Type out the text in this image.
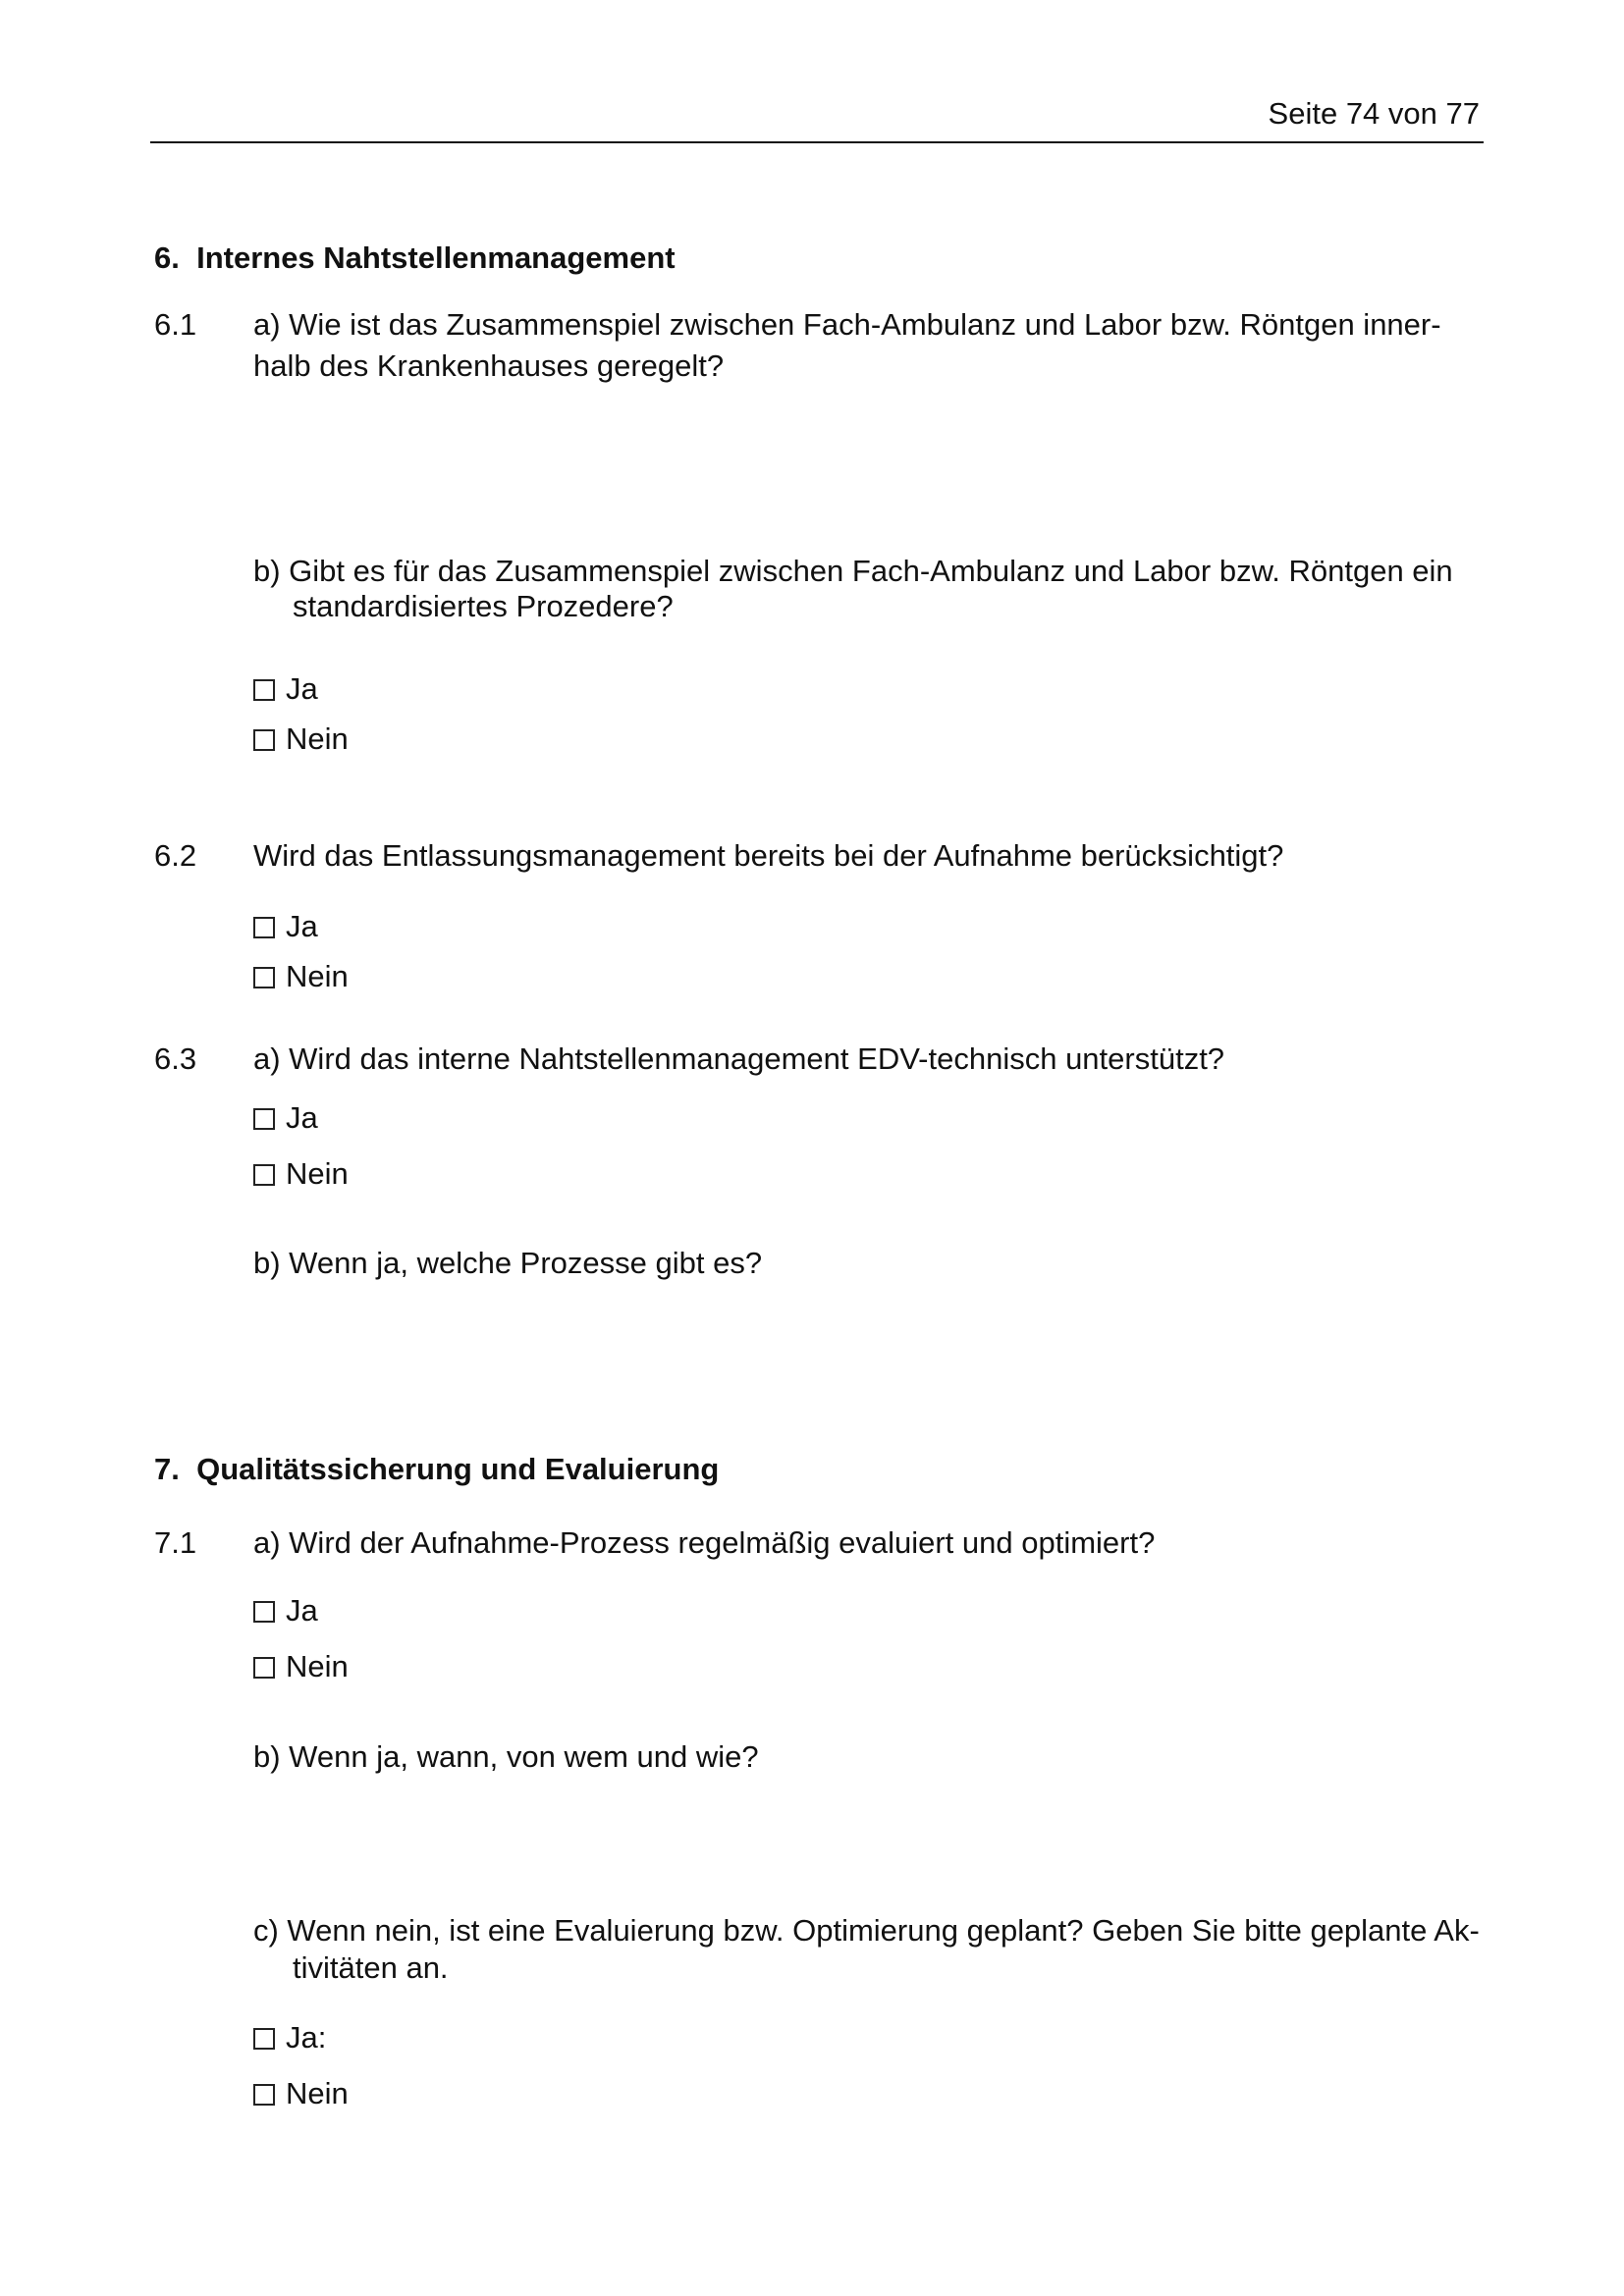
Seite 74 von 77
6.  Internes Nahtstellenmanagement
6.1 a) Wie ist das Zusammenspiel zwischen Fach-Ambulanz und Labor bzw. Röntgen inner-
halb des Krankenhauses geregelt?
b) Gibt es für das Zusammenspiel zwischen Fach-Ambulanz und Labor bzw. Röntgen ein
standardisiertes Prozedere?
Ja
Nein
6.2 Wird das Entlassungsmanagement bereits bei der Aufnahme berücksichtigt?
Ja
Nein
6.3 a) Wird das interne Nahtstellenmanagement EDV-technisch unterstützt?
Ja
Nein
b) Wenn ja, welche Prozesse gibt es?
7.  Qualitätssicherung und Evaluierung
7.1 a) Wird der Aufnahme-Prozess regelmäßig evaluiert und optimiert?
Ja
Nein
b) Wenn ja, wann, von wem und wie?
c) Wenn nein, ist eine Evaluierung bzw. Optimierung geplant? Geben Sie bitte geplante Ak-
tivitäten an.
Ja:
Nein
